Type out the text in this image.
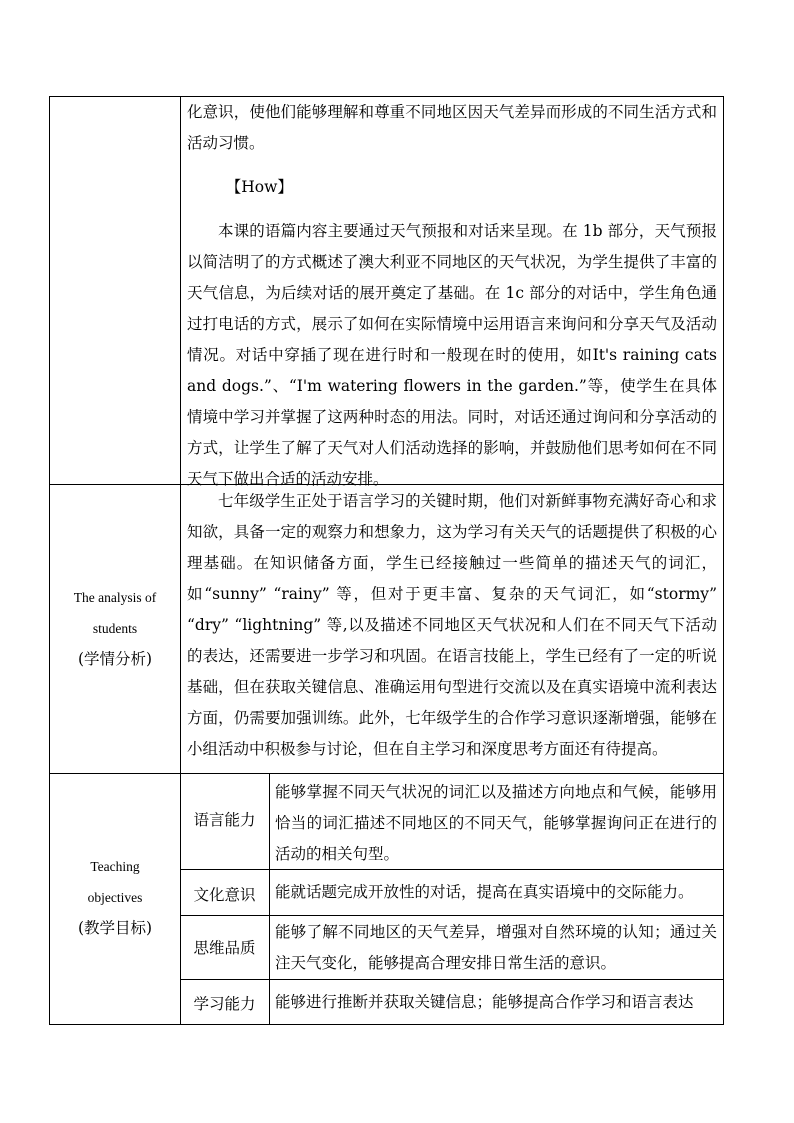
化意识，使他们能够理解和尊重不同地区因天气差异而形成的不同生活方式和活动习惯。

【How】

本课的语篇内容主要通过天气预报和对话来呈现。在 1b 部分，天气预报以简洁明了的方式概述了澳大利亚不同地区的天气状况，为学生提供了丰富的天气信息，为后续对话的展开奠定了基础。在 1c 部分的对话中，学生角色通过打电话的方式，展示了如何在实际情境中运用语言来询问和分享天气及活动情况。对话中穿插了现在进行时和一般现在时的使用，如It's raining cats and dogs.”、“I'm watering flowers in the garden.”等，使学生在具体情境中学习并掌握了这两种时态的用法。同时，对话还通过询问和分享活动的方式，让学生了解了天气对人们活动选择的影响，并鼓励他们思考如何在不同天气下做出合适的活动安排。

The analysis of
students
(学情分析)

七年级学生正处于语言学习的关键时期，他们对新鲜事物充满好奇心和求知欲，具备一定的观察力和想象力，这为学习有关天气的话题提供了积极的心理基础。在知识储备方面，学生已经接触过一些简单的描述天气的词汇，如“sunny” “rainy” 等，但对于更丰富、复杂的天气词汇，如“stormy” “dry” “lightning” 等,以及描述不同地区天气状况和人们在不同天气下活动的表达，还需要进一步学习和巩固。在语言技能上，学生已经有了一定的听说基础，但在获取关键信息、准确运用句型进行交流以及在真实语境中流利表达方面，仍需要加强训练。此外，七年级学生的合作学习意识逐渐增强，能够在小组活动中积极参与讨论，但在自主学习和深度思考方面还有待提高。

Teaching
objectives
(教学目标)
语言能力
能够掌握不同天气状况的词汇以及描述方向地点和气候，能够用恰当的词汇描述不同地区的不同天气，能够掌握询问正在进行的活动的相关句型。
文化意识	能就话题完成开放性的对话，提高在真实语境中的交际能力。
思维品质
能够了解不同地区的天气差异，增强对自然环境的认知；通过关注天气变化，能够提高合理安排日常生活的意识。
学习能力	能够进行推断并获取关键信息；能够提高合作学习和语言表达
